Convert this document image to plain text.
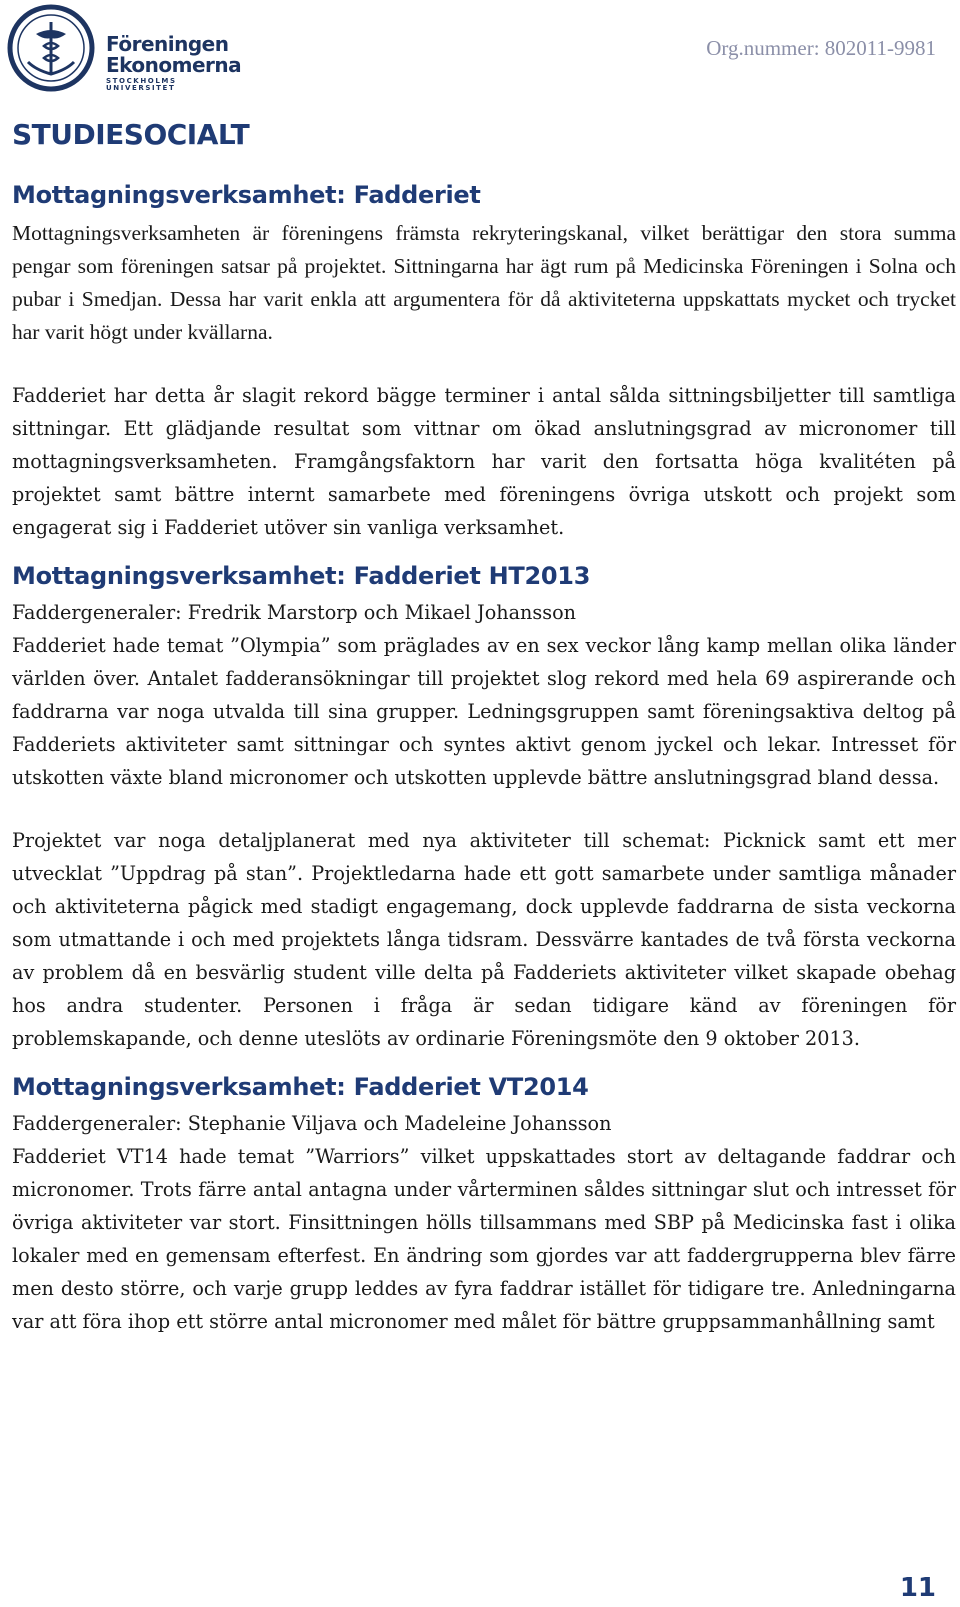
Föreningen
Ekonomerna
STOCKHOLMS UNIVERSITET
Org.nummer: 802011-9981
STUDIESOCIALT
Mottagningsverksamhet: Fadderiet

Mottagningsverksamheten är föreningens främsta rekryteringskanal, vilket berättigar den stora summa pengar som föreningen satsar på projektet. Sittningarna har ägt rum på Medicinska Föreningen i Solna och pubar i Smedjan. Dessa har varit enkla att argumentera för då aktiviteterna uppskattats mycket och trycket har varit högt under kvällarna.

Fadderiet har detta år slagit rekord bägge terminer i antal sålda sittningsbiljetter till samtliga sittningar. Ett glädjande resultat som vittnar om ökad anslutningsgrad av micronomer till mottagningsverksamheten. Framgångsfaktorn har varit den fortsatta höga kvalitéten på projektet samt bättre internt samarbete med föreningens övriga utskott och projekt som engagerat sig i Fadderiet utöver sin vanliga verksamhet.

Mottagningsverksamhet: Fadderiet HT2013

Faddergeneraler: Fredrik Marstorp och Mikael Johansson

Fadderiet hade temat ”Olympia” som präglades av en sex veckor lång kamp mellan olika länder världen över. Antalet fadderansökningar till projektet slog rekord med hela 69 aspirerande och faddrarna var noga utvalda till sina grupper. Ledningsgruppen samt föreningsaktiva deltog på Fadderiets aktiviteter samt sittningar och syntes aktivt genom jyckel och lekar. Intresset för utskotten växte bland micronomer och utskotten upplevde bättre anslutningsgrad bland dessa.

Projektet var noga detaljplanerat med nya aktiviteter till schemat: Picknick samt ett mer utvecklat ”Uppdrag på stan”. Projektledarna hade ett gott samarbete under samtliga månader och aktiviteterna pågick med stadigt engagemang, dock upplevde faddrarna de sista veckorna som utmattande i och med projektets långa tidsram. Dessvärre kantades de två första veckorna av problem då en besvärlig student ville delta på Fadderiets aktiviteter vilket skapade obehag hos andra studenter. Personen i fråga är sedan tidigare känd av föreningen för problemskapande, och denne uteslöts av ordinarie Föreningsmöte den 9 oktober 2013.

Mottagningsverksamhet: Fadderiet VT2014

Faddergeneraler: Stephanie Viljava och Madeleine Johansson

Fadderiet VT14 hade temat ”Warriors” vilket uppskattades stort av deltagande faddrar och micronomer. Trots färre antal antagna under vårterminen såldes sittningar slut och intresset för övriga aktiviteter var stort. Finsittningen hölls tillsammans med SBP på Medicinska fast i olika lokaler med en gemensam efterfest. En ändring som gjordes var att faddergrupperna blev färre men desto större, och varje grupp leddes av fyra faddrar istället för tidigare tre. Anledningarna var att föra ihop ett större antal micronomer med målet för bättre gruppsammanhållning samt

11
